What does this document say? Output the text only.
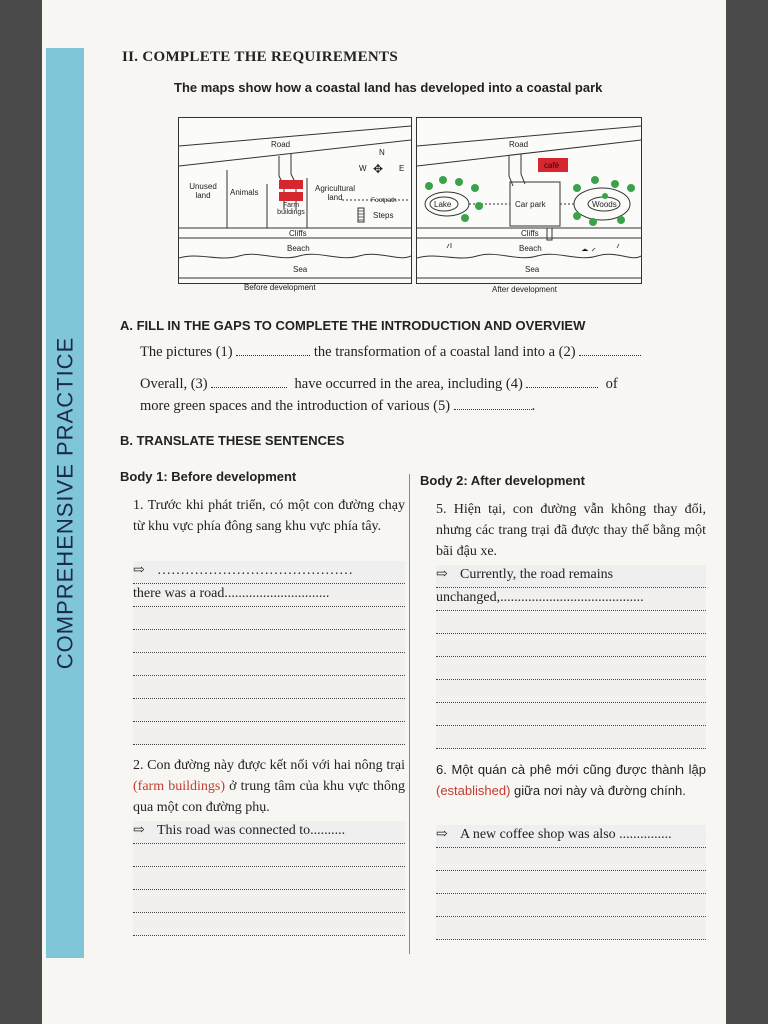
COMPREHENSIVE PRACTICE
II. COMPLETE THE REQUIREMENTS
The maps show how a coastal land has developed into a coastal park
Road
N
✥
W	E
Unused land	Animals
Farm buildings
Agricultural land	Footpath
Steps
Cliffs
Beach
Sea
Before development
Road
café
Lake	Car park	Woods
Cliffs
Beach
Sea
After development
A. FILL IN THE GAPS TO COMPLETE THE INTRODUCTION AND OVERVIEW
The pictures (1)	the transformation of a coastal land into a (2)
Overall, (3)	have occurred in the area, including (4)	of
more green spaces and the introduction of various (5)	.
B. TRANSLATE THESE SENTENCES
Body 1: Before development	Body 2: After development
1. Trước khi phát triển, có một con đường chạy từ khu vực phía đông sang khu vực phía tây.
⇨ ……………………………………
there was a road..............................
2. Con đường này được kết nối với hai nông trại (farm buildings) ở trung tâm của khu vực thông qua một con đường phụ.
⇨ This road was connected to..........
5. Hiện tại, con đường vẫn không thay đổi, nhưng các trang trại đã được thay thế bằng một bãi đậu xe.
⇨ Currently, the road remains
unchanged,.........................................
6. Một quán cà phê mới cũng được thành lập (established) giữa nơi này và đường chính.
⇨ A new coffee shop was also ...............
